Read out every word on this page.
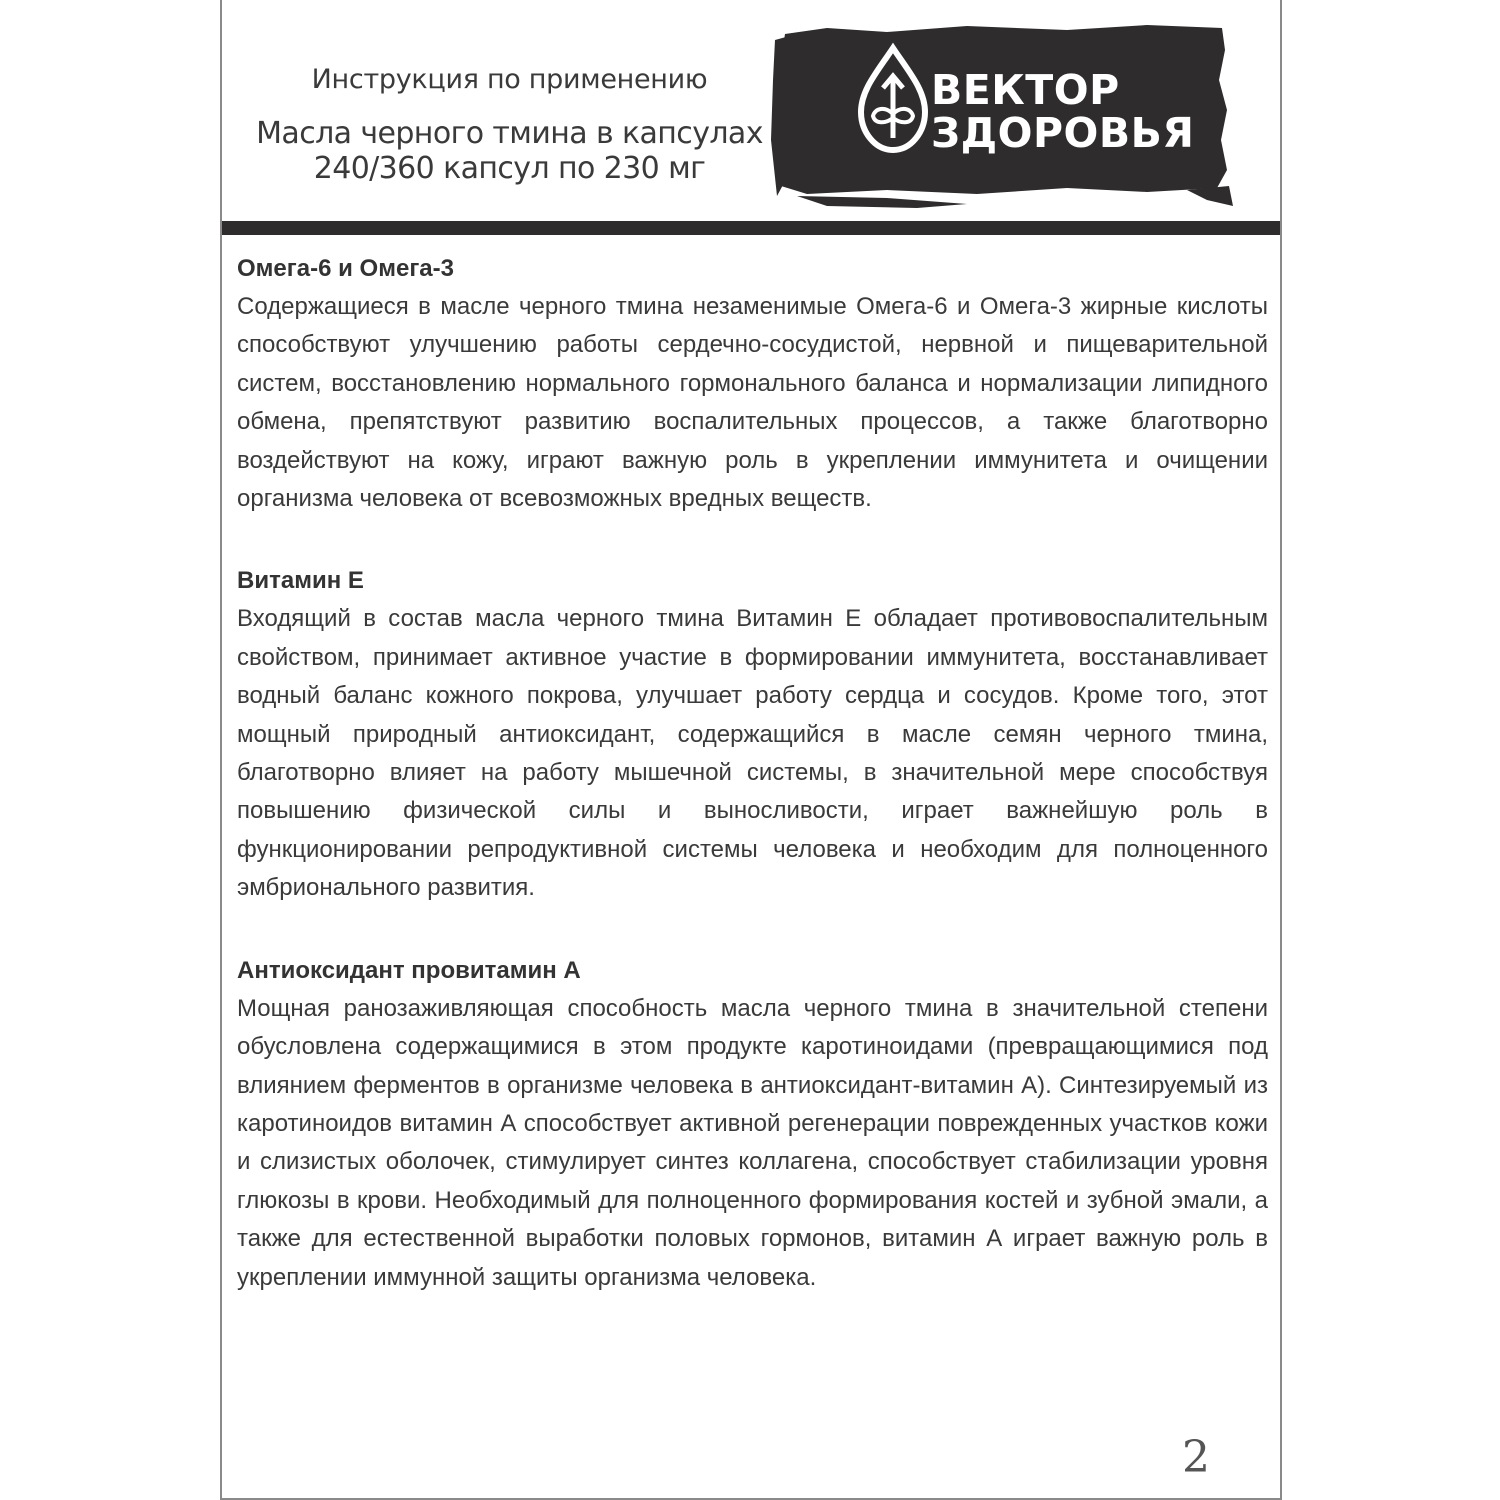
Инструкция по применению
Масла черного тмина в капсулах
240/360 капсул по 230 мг
ВЕКТОР
ЗДОРОВЬЯ

Омега-6 и Омега-3

Содержащиеся в масле черного тмина незаменимые Омега-6 и Омега-3 жирные кислоты способствуют улучшению работы сердечно-сосудистой, нервной и пищеварительной систем, восстановлению нормального гормонального баланса и нормализации липидного обмена, препятствуют развитию воспалительных процессов, а также благотворно воздействуют на кожу, играют важную роль в укреплении иммунитета и очищении организма человека от всевозможных вредных веществ.

Витамин Е

Входящий в состав масла черного тмина Витамин Е обладает противовоспалительным свойством, принимает активное участие в формировании иммунитета, восстанавливает водный баланс кожного покрова, улучшает работу сердца и сосудов. Кроме того, этот мощный природный антиоксидант, содержащийся в масле семян черного тмина, благотворно влияет на работу мышечной системы, в значительной мере способствуя повышению физической силы и выносливости, играет важнейшую роль в функционировании репродуктивной системы человека и необходим для полноценного эмбрионального развития.

Антиоксидант провитамин А

Мощная ранозаживляющая способность масла черного тмина в значительной степени обусловлена содержащимися в этом продукте каротиноидами (превращающимися под влиянием ферментов в организме человека в антиоксидант-витамин А). Синтезируемый из каротиноидов витамин А способствует активной регенерации поврежденных участков кожи и слизистых оболочек, стимулирует синтез коллагена, способствует стабилизации уровня глюкозы в крови. Необходимый для полноценного формирования костей и зубной эмали, а также для естественной выработки половых гормонов, витамин А играет важную роль в укреплении иммунной защиты организма человека.

2
